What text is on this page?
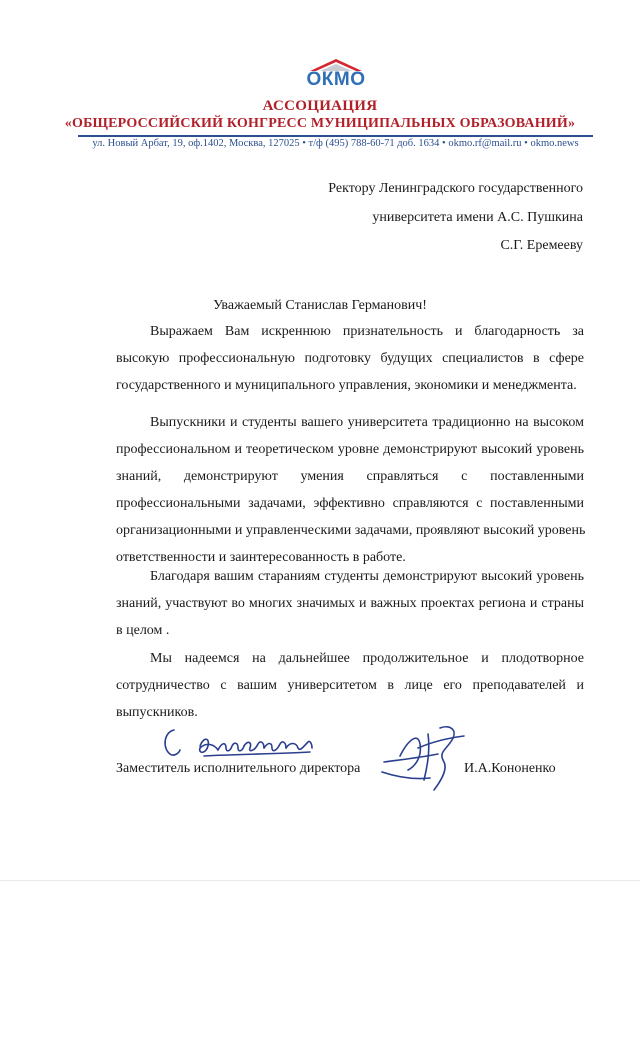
ОКМО
АССОЦИАЦИЯ
«ОБЩЕРОССИЙСКИЙ КОНГРЕСС МУНИЦИПАЛЬНЫХ ОБРАЗОВАНИЙ»
ул. Новый Арбат, 19, оф.1402, Москва, 127025 • т/ф (495) 788-60-71 доб. 1634 • okmo.rf@mail.ru • okmo.news
Ректору Ленинградского государственного
университета имени А.С. Пушкина
С.Г. Еремееву
Уважаемый Станислав Германович!
Выражаем Вам искреннюю признательность и благодарность за
высокую профессиональную подготовку будущих специалистов в сфере
государственного и муниципального управления, экономики и менеджмента.
Выпускники и студенты вашего университета традиционно на высоком
профессиональном и теоретическом уровне демонстрируют высокий уровень
знаний, демонстрируют умения справляться с поставленными
профессиональными задачами, эффективно справляются с поставленными
организационными и управленческими задачами, проявляют высокий уровень
ответственности и заинтересованность в работе.
Благодаря вашим стараниям студенты демонстрируют высокий уровень
знаний, участвуют во многих значимых и важных проектах региона и страны
в целом .
Мы надеемся на дальнейшее продолжительное и плодотворное
сотрудничество с вашим университетом в лице его преподавателей и
выпускников.
Заместитель исполнительного директора	И.А.Кононенко
